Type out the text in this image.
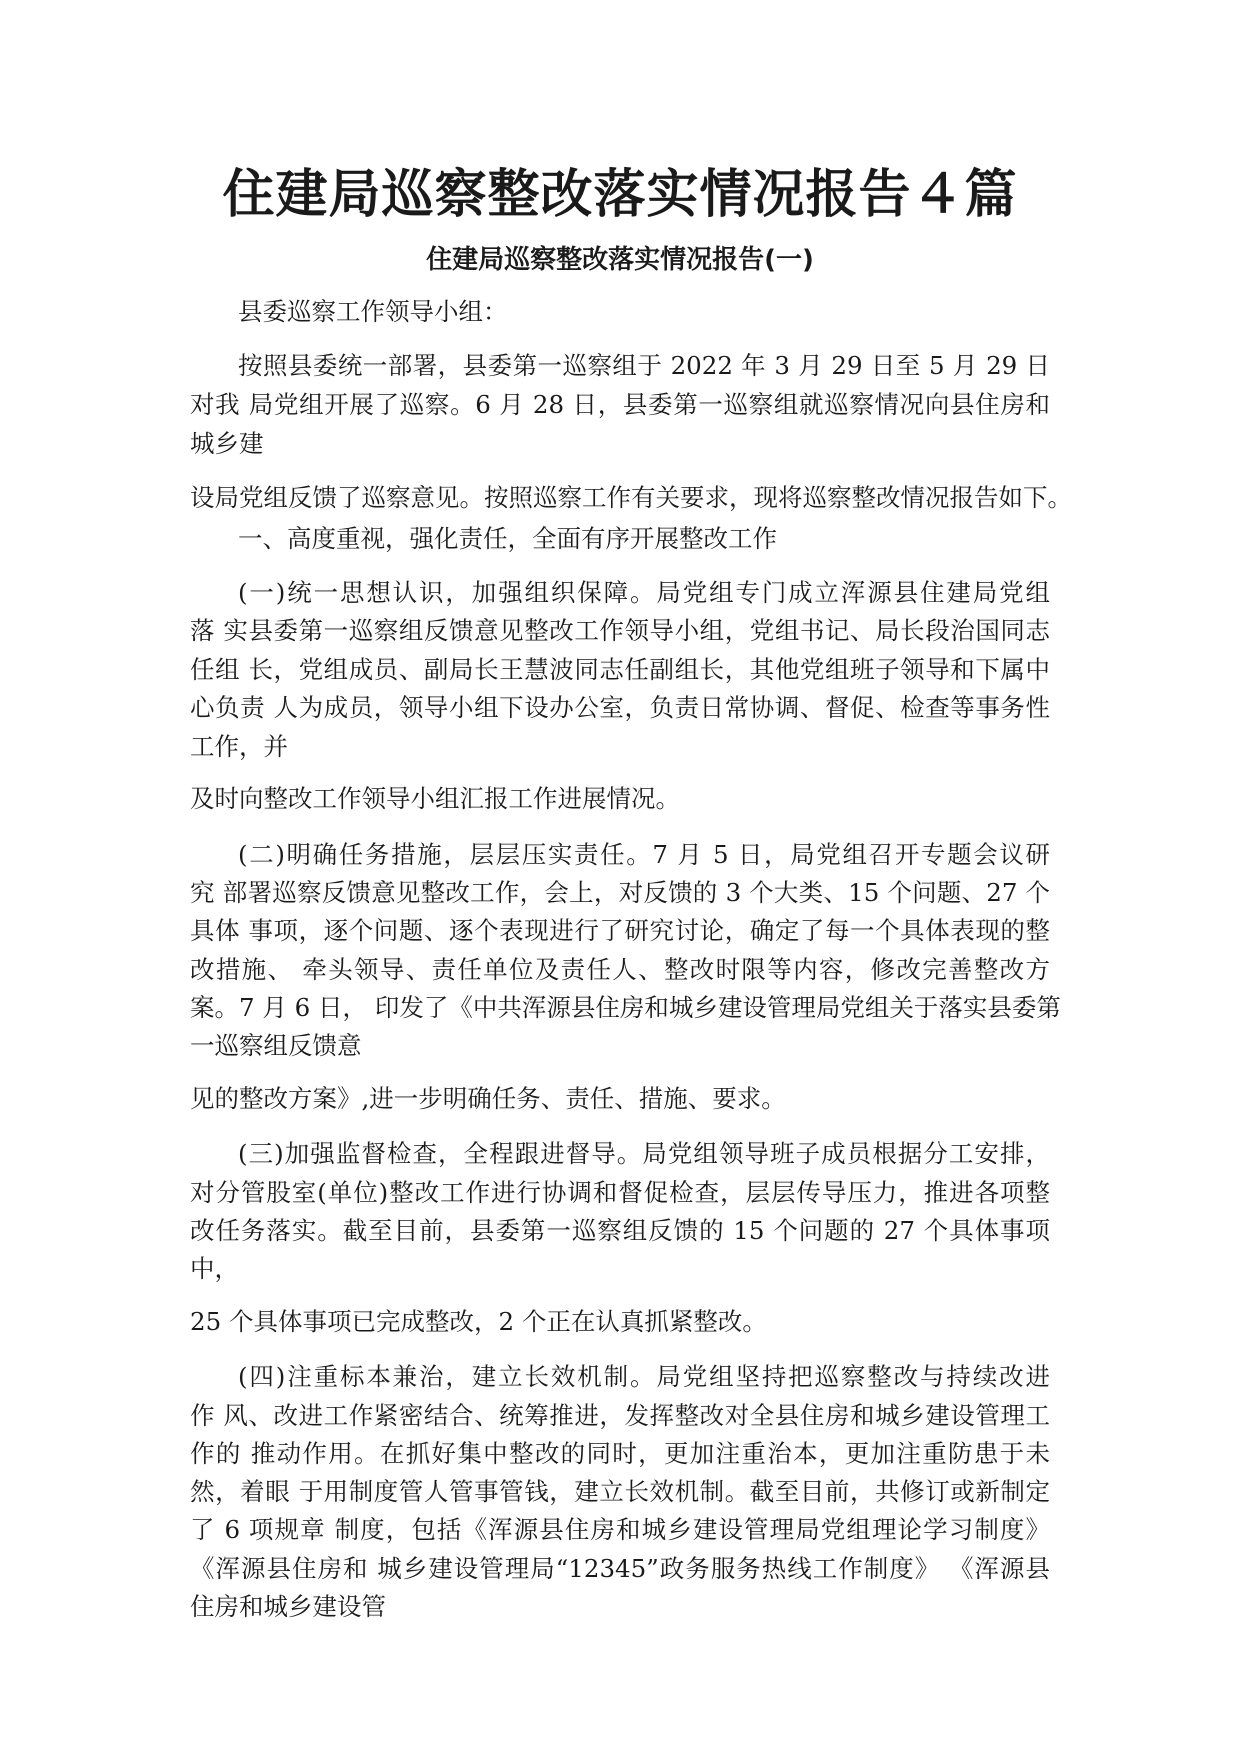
住建局巡察整改落实情况报告４篇
住建局巡察整改落实情况报告(一)
县委巡察工作领导小组：
按照县委统一部署，县委第一巡察组于 2022 年 3 月 29 日至 5 月 29 日
对我 局党组开展了巡察。6 月 28 日，县委第一巡察组就巡察情况向县住房和
城乡建
设局党组反馈了巡察意见。按照巡察工作有关要求，现将巡察整改情况报告如下。
一、高度重视，强化责任，全面有序开展整改工作
(一)统一思想认识，加强组织保障。局党组专门成立浑源县住建局党组
落 实县委第一巡察组反馈意见整改工作领导小组，党组书记、局长段治国同志
任组 长，党组成员、副局长王慧波同志任副组长，其他党组班子领导和下属中
心负责 人为成员，领导小组下设办公室，负责日常协调、督促、检查等事务性
工作，并
及时向整改工作领导小组汇报工作进展情况。
(二)明确任务措施，层层压实责任。7 月 5 日，局党组召开专题会议研
究 部署巡察反馈意见整改工作，会上，对反馈的 3 个大类、15 个问题、27 个
具体 事项，逐个问题、逐个表现进行了研究讨论，确定了每一个具体表现的整
改措施、 牵头领导、责任单位及责任人、整改时限等内容，修改完善整改方
案。7 月 6 日， 印发了《中共浑源县住房和城乡建设管理局党组关于落实县委第
一巡察组反馈意
见的整改方案》,进一步明确任务、责任、措施、要求。
(三)加强监督检查，全程跟进督导。局党组领导班子成员根据分工安排，
对分管股室(单位)整改工作进行协调和督促检查，层层传导压力，推进各项整
改任务落实。截至目前，县委第一巡察组反馈的 15 个问题的 27 个具体事项
中，
25 个具体事项已完成整改，2 个正在认真抓紧整改。
(四)注重标本兼治，建立长效机制。局党组坚持把巡察整改与持续改进
作 风、改进工作紧密结合、统筹推进，发挥整改对全县住房和城乡建设管理工
作的 推动作用。在抓好集中整改的同时，更加注重治本，更加注重防患于未
然，着眼 于用制度管人管事管钱，建立长效机制。截至目前，共修订或新制定
了 6 项规章 制度，包括《浑源县住房和城乡建设管理局党组理论学习制度》
《浑源县住房和 城乡建设管理局“12345”政务服务热线工作制度》 《浑源县
住房和城乡建设管
